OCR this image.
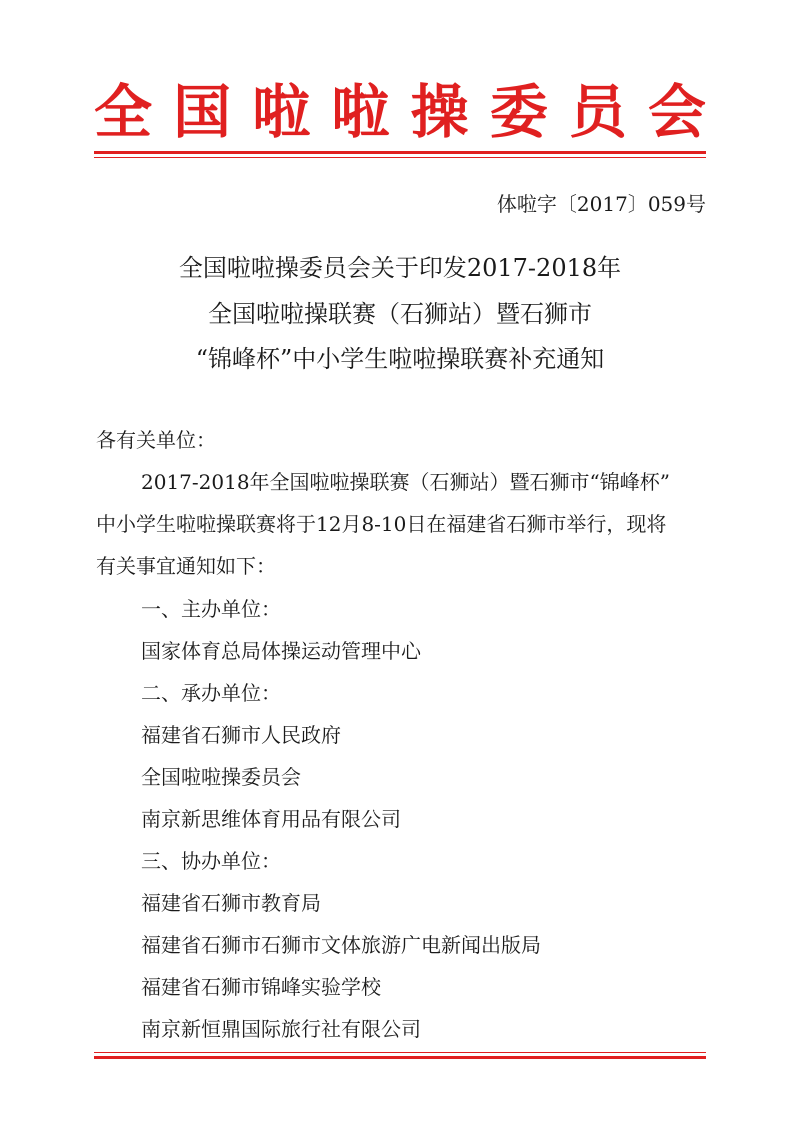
全 国 啦 啦 操 委 员 会
体啦字〔2017〕059号
全国啦啦操委员会关于印发2017-2018年
全国啦啦操联赛（石狮站）暨石狮市
“锦峰杯”中小学生啦啦操联赛补充通知
各有关单位：
2017-2018年全国啦啦操联赛（石狮站）暨石狮市“锦峰杯”
中小学生啦啦操联赛将于12月8-10日在福建省石狮市举行，现将
有关事宜通知如下：
一、主办单位：
国家体育总局体操运动管理中心
二、承办单位：
福建省石狮市人民政府
全国啦啦操委员会
南京新思维体育用品有限公司
三、协办单位：
福建省石狮市教育局
福建省石狮市石狮市文体旅游广电新闻出版局
福建省石狮市锦峰实验学校
南京新恒鼎国际旅行社有限公司
